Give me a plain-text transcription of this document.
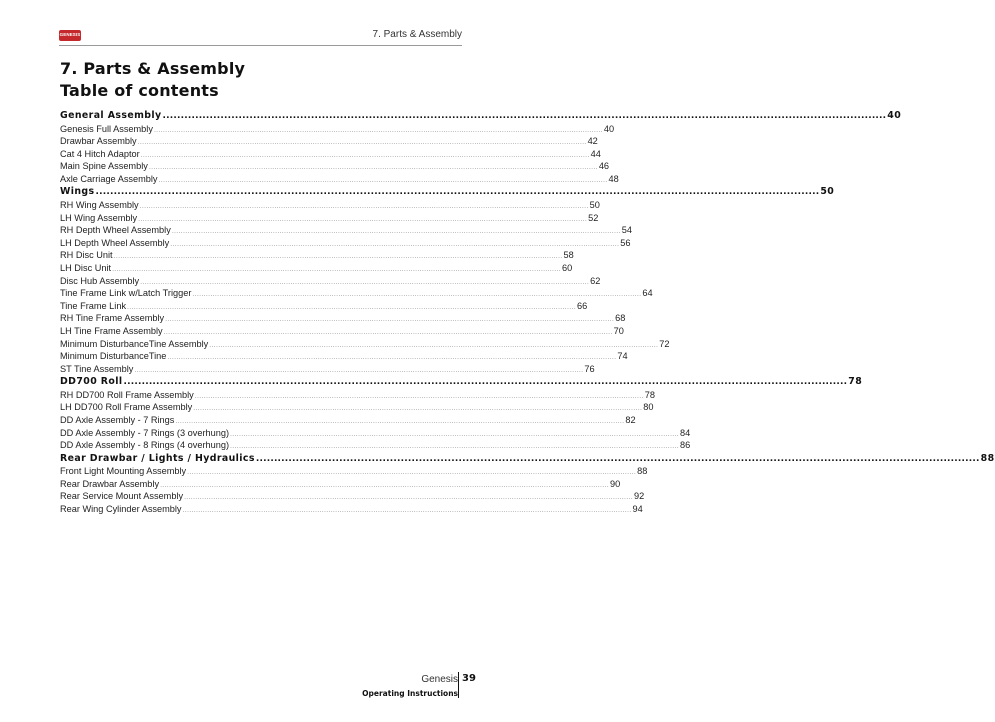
GENESIS	7. Parts & Assembly
7. Parts & Assembly
Table of contents
General Assembly ........................................................................................................................................................................................................ 40
Genesis Full Assembly ........................................................................................................................................................................................................ 40
Drawbar Assembly ........................................................................................................................................................................................................ 42
Cat 4 Hitch Adaptor ........................................................................................................................................................................................................ 44
Main Spine Assembly ........................................................................................................................................................................................................ 46
Axle Carriage Assembly ........................................................................................................................................................................................................ 48
Wings ........................................................................................................................................................................................................ 50
RH Wing Assembly ........................................................................................................................................................................................................ 50
LH Wing Assembly ........................................................................................................................................................................................................ 52
RH Depth Wheel Assembly ........................................................................................................................................................................................................ 54
LH Depth Wheel Assembly ........................................................................................................................................................................................................ 56
RH Disc Unit ........................................................................................................................................................................................................ 58
LH Disc Unit ........................................................................................................................................................................................................ 60
Disc Hub Assembly ........................................................................................................................................................................................................ 62
Tine Frame Link w/Latch Trigger ........................................................................................................................................................................................................ 64
Tine Frame Link ........................................................................................................................................................................................................ 66
RH Tine Frame Assembly ........................................................................................................................................................................................................ 68
LH Tine Frame Assembly ........................................................................................................................................................................................................ 70
Minimum DisturbanceTine Assembly ........................................................................................................................................................................................................ 72
Minimum DisturbanceTine ........................................................................................................................................................................................................ 74
ST Tine Assembly ........................................................................................................................................................................................................ 76
DD700 Roll ........................................................................................................................................................................................................ 78
RH DD700 Roll Frame Assembly ........................................................................................................................................................................................................ 78
LH DD700 Roll Frame Assembly ........................................................................................................................................................................................................ 80
DD Axle Assembly - 7 Rings ........................................................................................................................................................................................................ 82
DD Axle Assembly - 7 Rings (3 overhung) ........................................................................................................................................................................................................ 84
DD Axle Assembly - 8 Rings (4 overhung) ........................................................................................................................................................................................................ 86
Rear Drawbar / Lights / Hydraulics ........................................................................................................................................................................................................ 88
Front Light Mounting Assembly ........................................................................................................................................................................................................ 88
Rear Drawbar Assembly ........................................................................................................................................................................................................ 90
Rear Service Mount Assembly ........................................................................................................................................................................................................ 92
Rear Wing Cylinder Assembly ........................................................................................................................................................................................................ 94
Genesis 39
Operating Instructions
